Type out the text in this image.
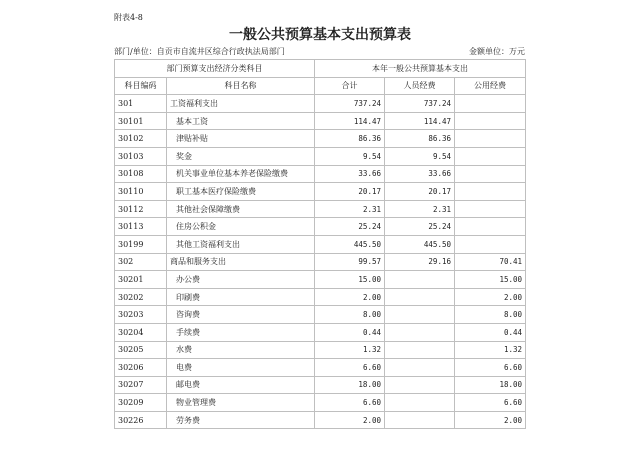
附表4-8
一般公共预算基本支出预算表
部门/单位：自贡市自流井区综合行政执法局部门	金额单位：万元
部门预算支出经济分类科目		本年一般公共预算基本支出		
科目编码	科目名称	合计	人员经费	公用经费
301	工资福利支出	737.24	737.24	
30101	基本工资	114.47	114.47	
30102	津贴补贴	86.36	86.36	
30103	奖金	9.54	9.54	
30108	机关事业单位基本养老保险缴费	33.66	33.66	
30110	职工基本医疗保险缴费	20.17	20.17	
30112	其他社会保障缴费	2.31	2.31	
30113	住房公积金	25.24	25.24	
30199	其他工资福利支出	445.50	445.50	
302	商品和服务支出	99.57	29.16	70.41
30201	办公费	15.00		15.00
30202	印刷费	2.00		2.00
30203	咨询费	8.00		8.00
30204	手续费	0.44		0.44
30205	水费	1.32		1.32
30206	电费	6.60		6.60
30207	邮电费	18.00		18.00
30209	物业管理费	6.60		6.60
30226	劳务费	2.00		2.00
